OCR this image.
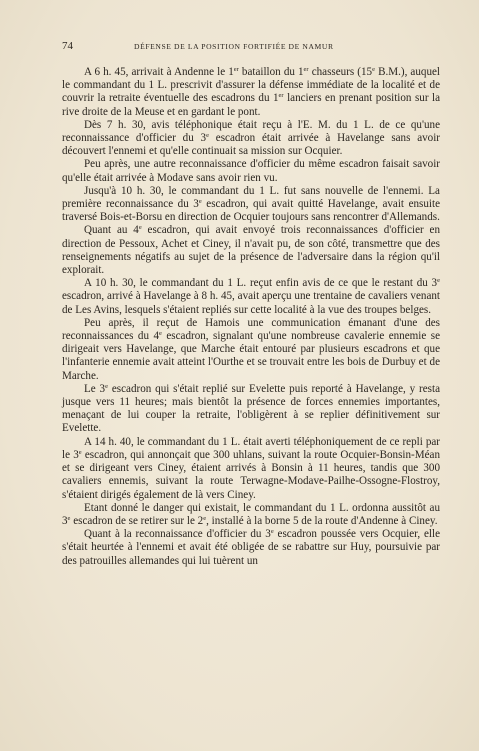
74	DÉFENSE DE LA POSITION FORTIFIÉE DE NAMUR

A 6 h. 45, arrivait à Andenne le 1er bataillon du 1er chasseurs (15e B.M.), auquel le commandant du 1 L. prescrivit d'assurer la défense immédiate de la localité et de couvrir la retraite éventuelle des escadrons du 1er lanciers en prenant position sur la rive droite de la Meuse et en gardant le pont.

Dès 7 h. 30, avis téléphonique était reçu à l'E. M. du 1 L. de ce qu'une reconnaissance d'officier du 3e escadron était arrivée à Havelange sans avoir découvert l'ennemi et qu'elle continuait sa mission sur Ocquier.

Peu après, une autre reconnaissance d'officier du même escadron faisait savoir qu'elle était arrivée à Modave sans avoir rien vu.

Jusqu'à 10 h. 30, le commandant du 1 L. fut sans nouvelle de l'ennemi. La première reconnaissance du 3e escadron, qui avait quitté Havelange, avait ensuite traversé Bois-et-Borsu en direction de Ocquier toujours sans rencontrer d'Allemands.

Quant au 4e escadron, qui avait envoyé trois reconnaissances d'officier en direction de Pessoux, Achet et Ciney, il n'avait pu, de son côté, transmettre que des renseignements négatifs au sujet de la présence de l'adversaire dans la région qu'il explorait.

A 10 h. 30, le commandant du 1 L. reçut enfin avis de ce que le restant du 3e escadron, arrivé à Havelange à 8 h. 45, avait aperçu une trentaine de cavaliers venant de Les Avins, lesquels s'étaient repliés sur cette localité à la vue des troupes belges.

Peu après, il reçut de Hamois une communication émanant d'une des reconnaissances du 4e escadron, signalant qu'une nombreuse cavalerie ennemie se dirigeait vers Havelange, que Marche était entouré par plusieurs escadrons et que l'infanterie ennemie avait atteint l'Ourthe et se trouvait entre les bois de Durbuy et de Marche.

Le 3e escadron qui s'était replié sur Evelette puis reporté à Havelange, y resta jusque vers 11 heures; mais bientôt la présence de forces ennemies importantes, menaçant de lui couper la retraite, l'obligèrent à se replier définitivement sur Evelette.

A 14 h. 40, le commandant du 1 L. était averti téléphoniquement de ce repli par le 3e escadron, qui annonçait que 300 uhlans, suivant la route Ocquier-Bonsin-Méan et se dirigeant vers Ciney, étaient arrivés à Bonsin à 11 heures, tandis que 300 cavaliers ennemis, suivant la route Terwagne-Modave-Pailhe-Ossogne-Flostroy, s'étaient dirigés également de là vers Ciney.

Etant donné le danger qui existait, le commandant du 1 L. ordonna aussitôt au 3e escadron de se retirer sur le 2e, installé à la borne 5 de la route d'Andenne à Ciney.

Quant à la reconnaissance d'officier du 3e escadron poussée vers Ocquier, elle s'était heurtée à l'ennemi et avait été obligée de se rabattre sur Huy, poursuivie par des patrouilles allemandes qui lui tuèrent un
